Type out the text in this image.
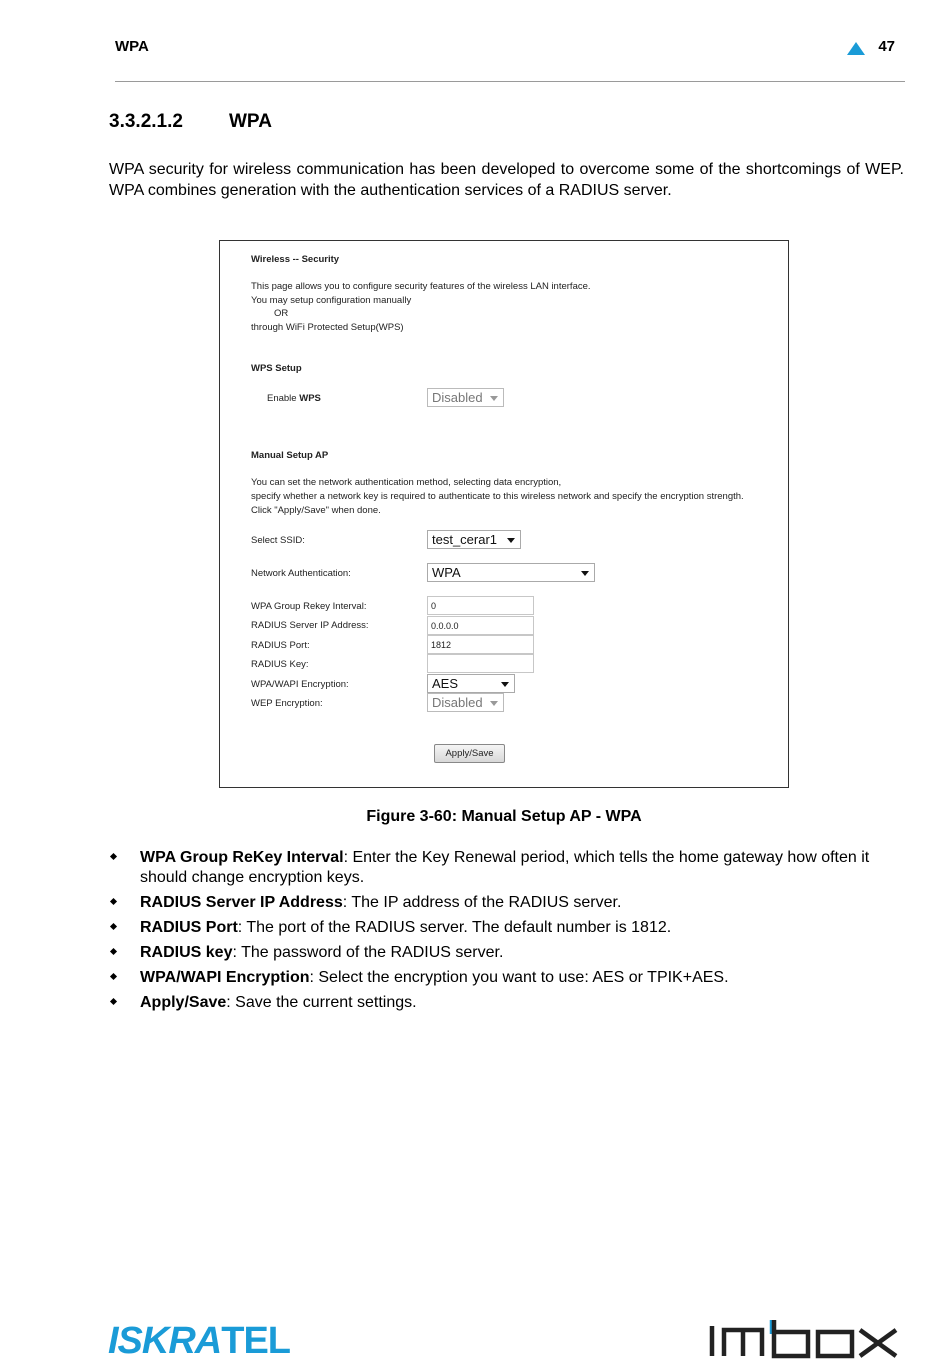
WPA	47
3.3.2.1.2 WPA
WPA security for wireless communication has been developed to overcome some of the shortcomings of WEP. WPA combines generation with the authentication services of a RADIUS server.
Wireless -- Security
This page allows you to configure security features of the wireless LAN interface.
You may setup configuration manually
OR
through WiFi Protected Setup(WPS)
WPS Setup
Enable WPS	Disabled
Manual Setup AP
You can set the network authentication method, selecting data encryption,
specify whether a network key is required to authenticate to this wireless network and specify the encryption strength.
Click "Apply/Save" when done.
Select SSID:	test_cerar1
Network Authentication:	WPA
WPA Group Rekey Interval:	0
RADIUS Server IP Address:	0.0.0.0
RADIUS Port:	1812
RADIUS Key:
WPA/WAPI Encryption:	AES
WEP Encryption:	Disabled
Apply/Save
Figure 3-60: Manual Setup AP - WPA
WPA Group ReKey Interval: Enter the Key Renewal period, which tells the home gateway how often it should change encryption keys.
RADIUS Server IP Address: The IP address of the RADIUS server.
RADIUS Port: The port of the RADIUS server. The default number is 1812.
RADIUS key: The password of the RADIUS server.
WPA/WAPI Encryption: Select the encryption you want to use: AES or TPIK+AES.
Apply/Save: Save the current settings.
ISKRATEL
